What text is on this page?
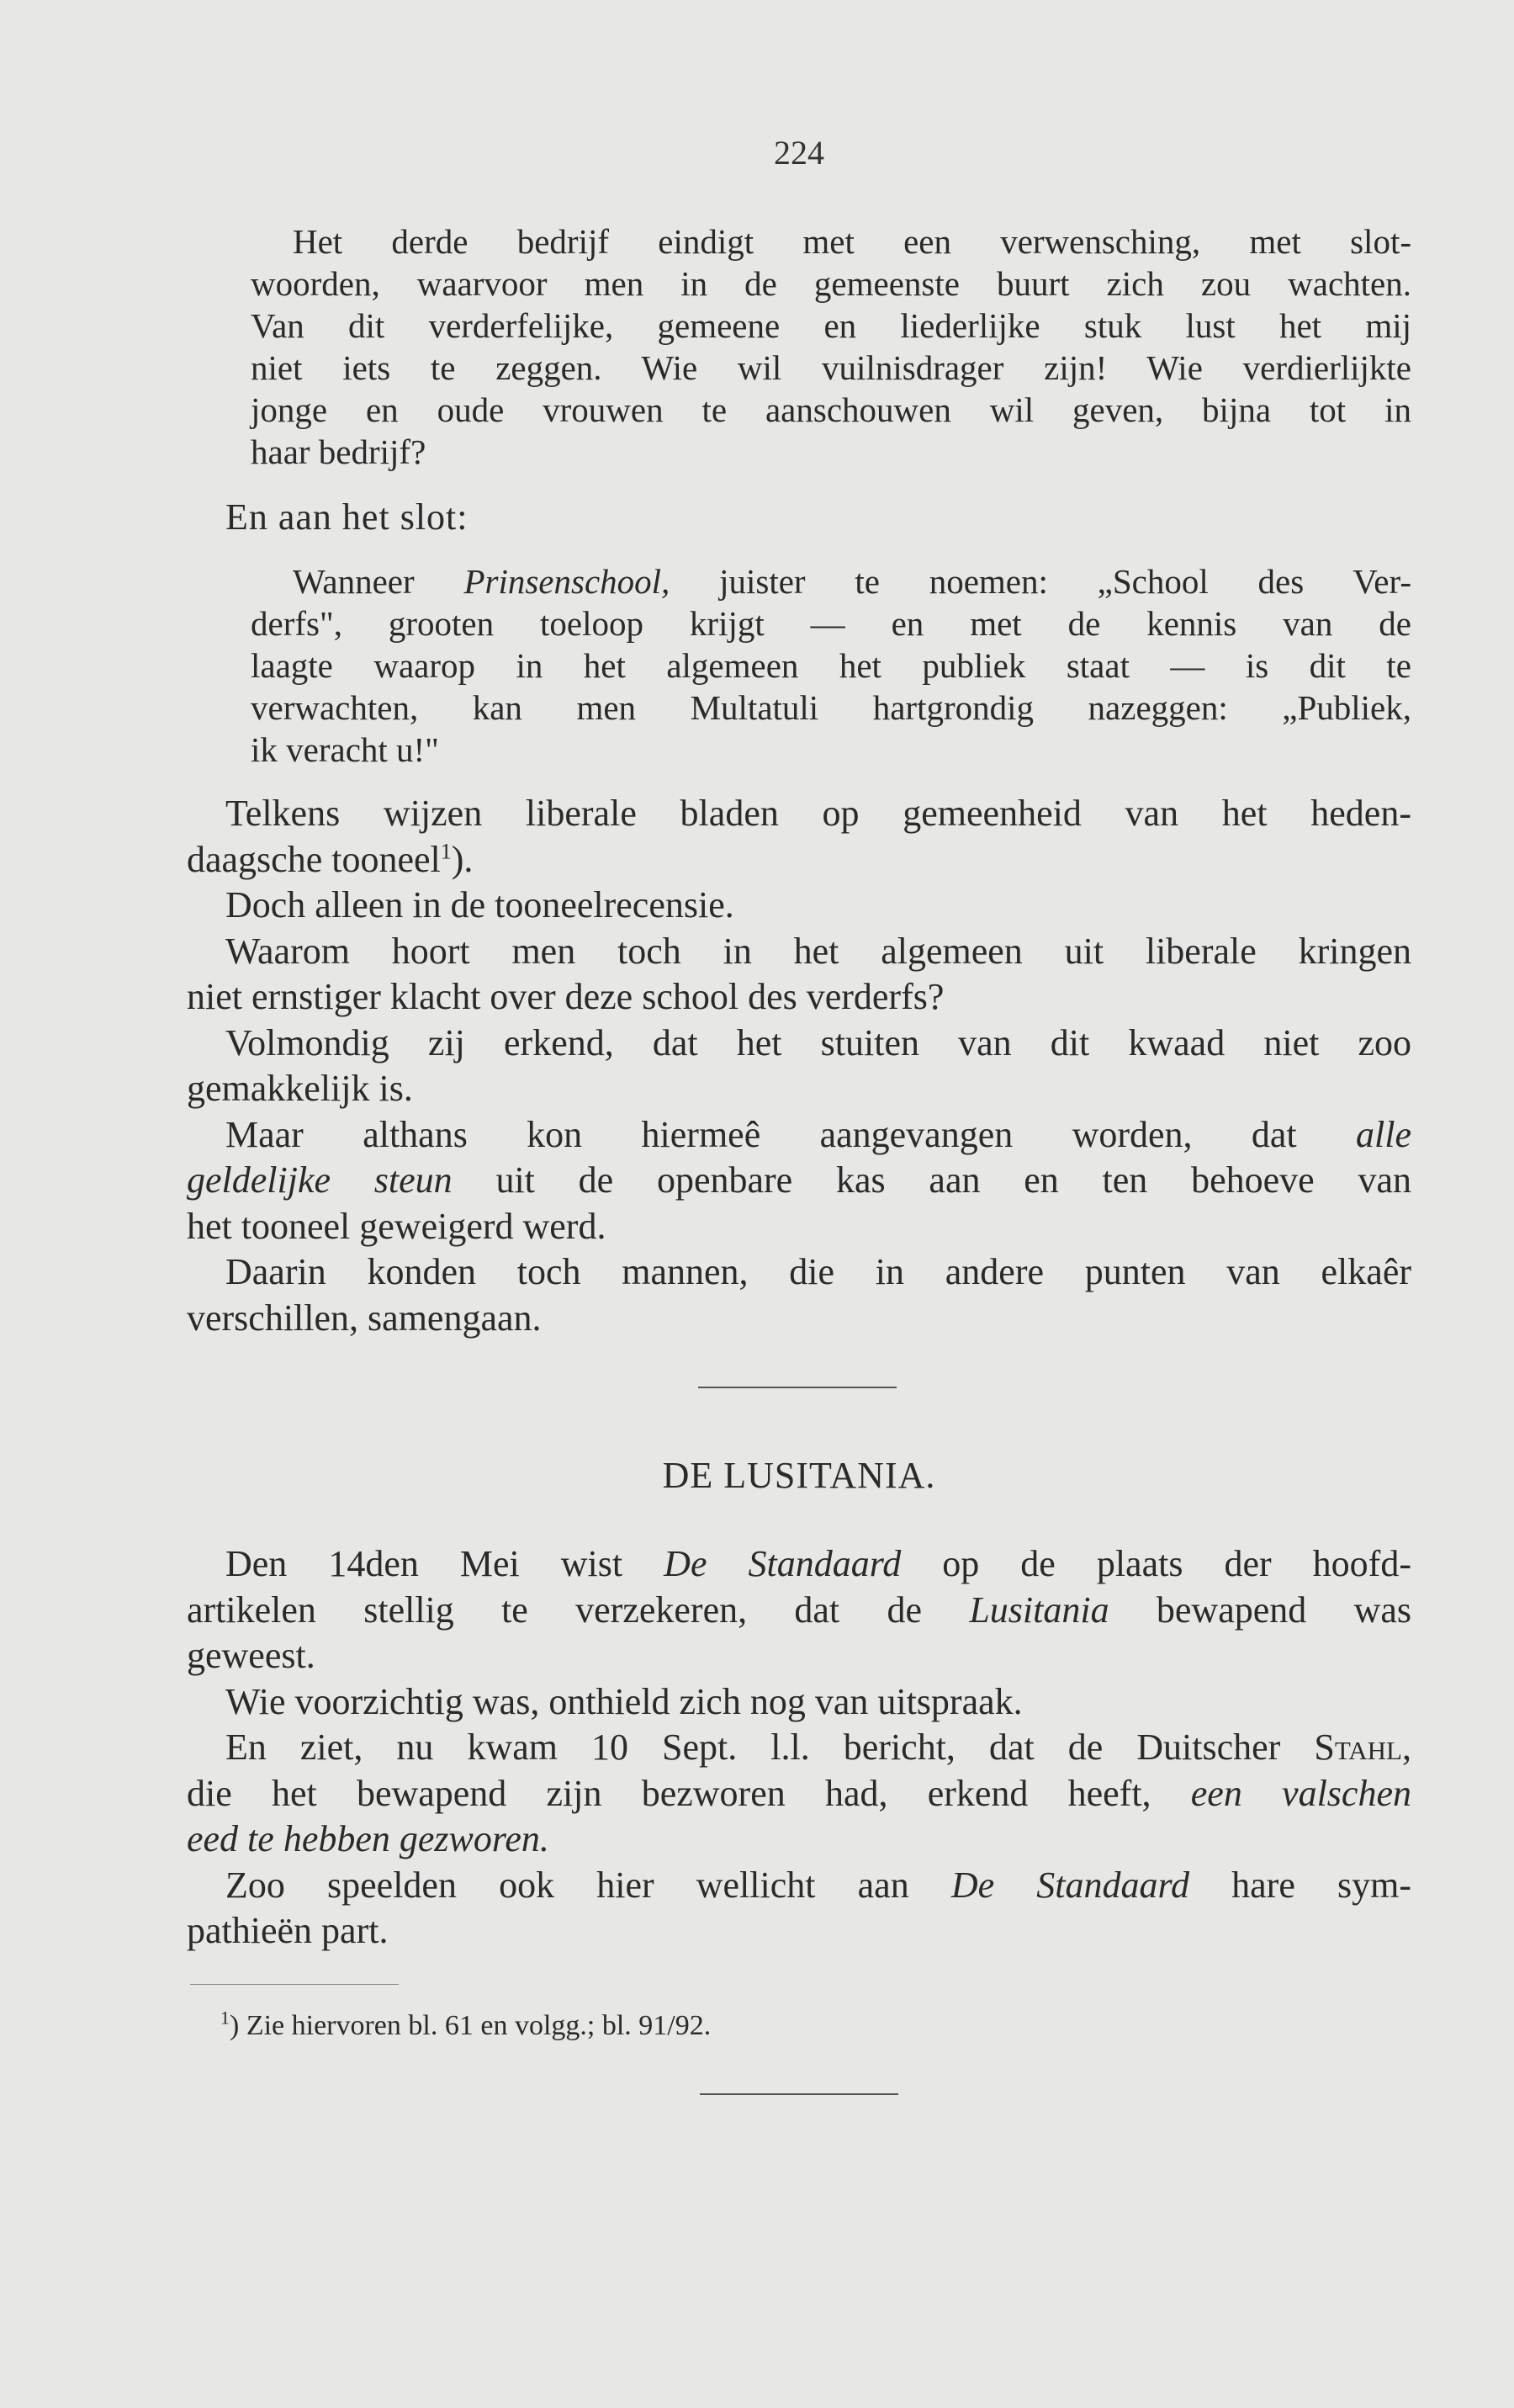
224
Het derde bedrijf eindigt met een verwensching, met slot-
woorden, waarvoor men in de gemeenste buurt zich zou wachten.
Van dit verderfelijke, gemeene en liederlijke stuk lust het mij
niet iets te zeggen. Wie wil vuilnisdrager zijn! Wie verdierlijkte
jonge en oude vrouwen te aanschouwen wil geven, bijna tot in
haar bedrijf?
En aan het slot:
Wanneer Prinsenschool, juister te noemen: „School des Ver-
derfs", grooten toeloop krijgt — en met de kennis van de
laagte waarop in het algemeen het publiek staat — is dit te
verwachten, kan men Multatuli hartgrondig nazeggen: „Publiek,
ik veracht u!"
Telkens wijzen liberale bladen op gemeenheid van het heden-
daagsche tooneel$^1$).
Doch alleen in de tooneelrecensie.
Waarom hoort men toch in het algemeen uit liberale kringen
niet ernstiger klacht over deze school des verderfs?
Volmondig zij erkend, dat het stuiten van dit kwaad niet zoo
gemakkelijk is.
Maar althans kon hiermeê aangevangen worden, dat alle
geldelijke steun uit de openbare kas aan en ten behoeve van
het tooneel geweigerd werd.
Daarin konden toch mannen, die in andere punten van elkaêr
verschillen, samengaan.
DE LUSITANIA.
Den 14den Mei wist De Standaard op de plaats der hoofd-
artikelen stellig te verzekeren, dat de Lusitania bewapend was
geweest.
Wie voorzichtig was, onthield zich nog van uitspraak.
En ziet, nu kwam 10 Sept. l.l. bericht, dat de Duitscher Stahl,
die het bewapend zijn bezworen had, erkend heeft, een valschen
eed te hebben gezworen.
Zoo speelden ook hier wellicht aan De Standaard hare sym-
pathieën part.
$^1$) Zie hiervoren bl. 61 en volgg.; bl. 91/92.
